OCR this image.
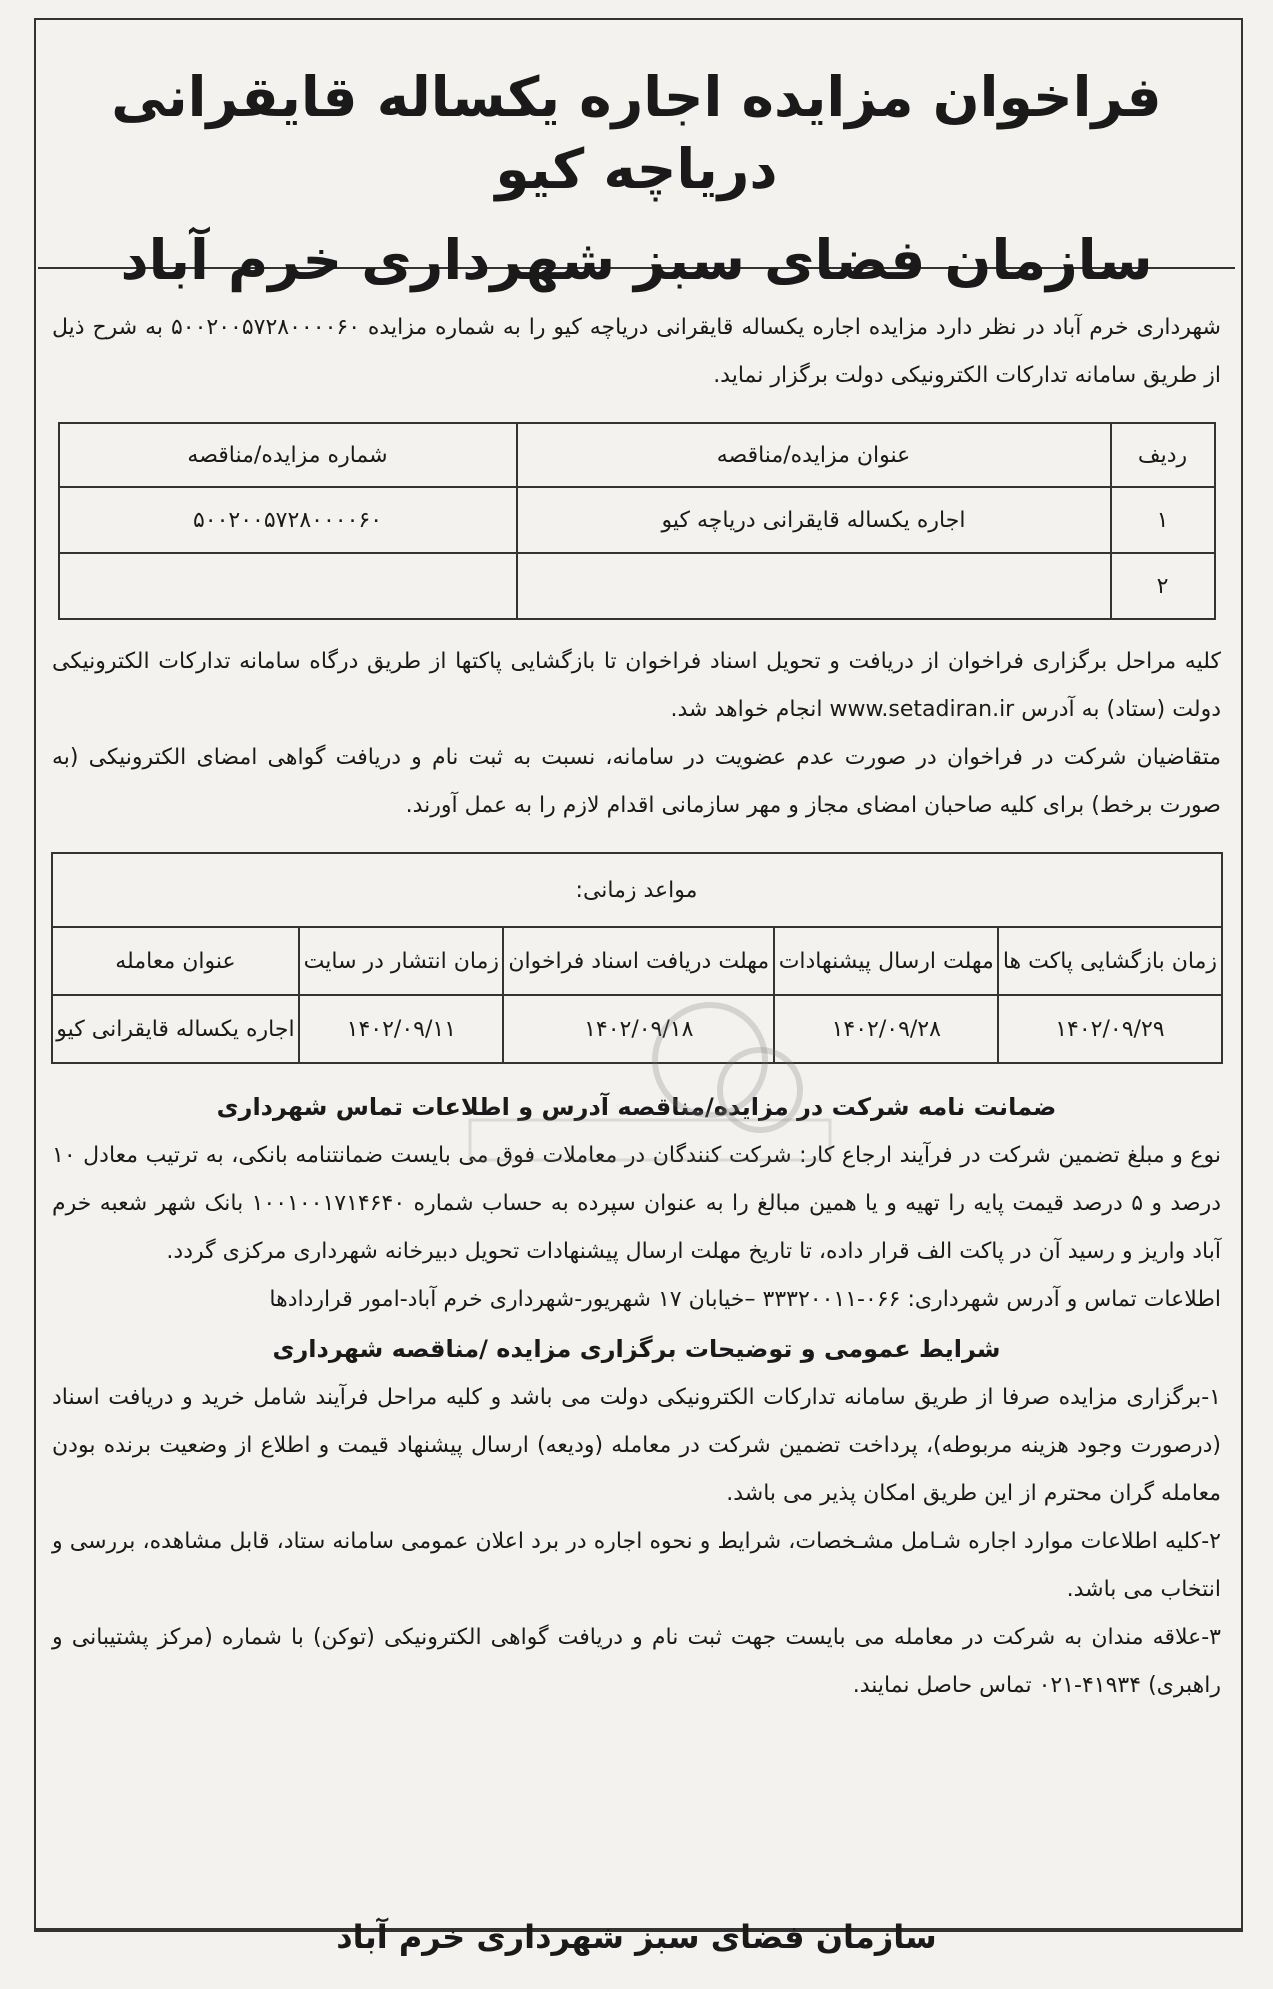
فراخوان مزایده اجاره یکساله قایقرانی دریاچه کیو
سازمان فضای سبز شهرداری خرم آباد

شهرداری خرم آباد در نظر دارد مزایده اجاره یکساله قایقرانی دریاچه کیو را به شماره مزایده ۵۰۰۲۰۰۵۷۲۸۰۰۰۰۶۰ به شرح ذیل از طریق سامانه تدارکات الکترونیکی دولت برگزار نماید.

ردیف	عنوان مزایده/مناقصه	شماره مزایده/مناقصه
۱	اجاره یکساله قایقرانی دریاچه کیو	۵۰۰۲۰۰۵۷۲۸۰۰۰۰۶۰
۲		

کلیه مراحل برگزاری فراخوان از دریافت و تحویل اسناد فراخوان تا بازگشایی پاکتها از طریق درگاه سامانه تدارکات الکترونیکی دولت (ستاد) به آدرس www.setadiran.ir انجام خواهد شد.

متقاضیان شرکت در فراخوان در صورت عدم عضویت در سامانه، نسبت به ثبت نام و دریافت گواهی امضای الکترونیکی (به صورت برخط) برای کلیه صاحبان امضای مجاز و مهر سازمانی اقدام لازم را به عمل آورند.

مواعد زمانی:				
زمان بازگشایی پاکت ها	مهلت ارسال پیشنهادات	مهلت دریافت اسناد فراخوان	زمان انتشار در سایت	عنوان معامله
۱۴۰۲/۰۹/۲۹	۱۴۰۲/۰۹/۲۸	۱۴۰۲/۰۹/۱۸	۱۴۰۲/۰۹/۱۱	اجاره یکساله قایقرانی کیو
ضمانت نامه شرکت در مزایده/مناقصه آدرس و اطلاعات تماس شهرداری

نوع و مبلغ تضمین شرکت در فرآیند ارجاع کار: شرکت کنندگان در معاملات فوق می بایست ضمانتنامه بانکی، به ترتیب معادل ۱۰ درصد و ۵ درصد قیمت پایه را تهیه و یا همین مبالغ را به عنوان سپرده به حساب شماره ۱۰۰۱۰۰۱۷۱۴۶۴۰ بانک شهر شعبه خرم آباد واریز و رسید آن در پاکت الف قرار داده، تا تاریخ مهلت ارسال پیشنهادات تحویل دبیرخانه شهرداری مرکزی گردد.

اطلاعات تماس و آدرس شهرداری: ۰۶۶-۳۳۳۲۰۰۱۱ –خیابان ۱۷ شهریور-شهرداری خرم آباد-امور قراردادها

شرایط عمومی و توضیحات برگزاری مزایده /مناقصه شهرداری

۱-برگزاری مزایده صرفا از طریق سامانه تدارکات الکترونیکی دولت می باشد و کلیه مراحل فرآیند شامل خرید و دریافت اسناد (درصورت وجود هزینه مربوطه)، پرداخت تضمین شرکت در معامله (ودیعه) ارسال پیشنهاد قیمت و اطلاع از وضعیت برنده بودن معامله گران محترم از این طریق امکان پذیر می باشد.

۲-کلیه اطلاعات موارد اجاره شـامل مشـخصات، شرایط و نحوه اجاره در برد اعلان عمومی سامانه ستاد، قابل مشاهده، بررسی و انتخاب می باشد.

۳-علاقه مندان به شرکت در معامله می بایست جهت ثبت نام و دریافت گواهی الکترونیکی (توکن) با شماره (مرکز پشتیبانی و راهبری) ۴۱۹۳۴-۰۲۱ تماس حاصل نمایند.

سازمان فضای سبز شهرداری خرم آباد
